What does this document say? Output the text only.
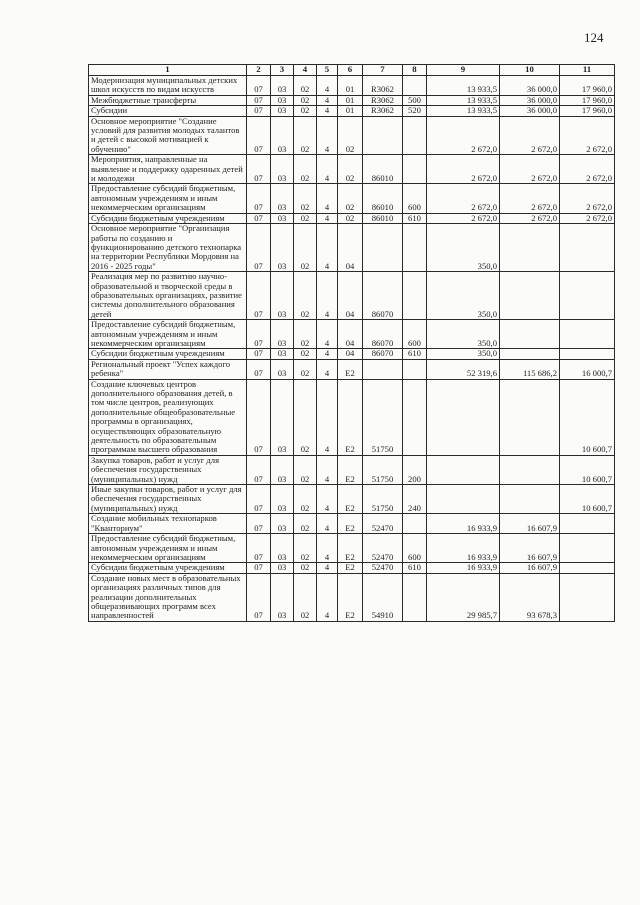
124
1	2	3	4	5	6	7	8	9	10	11
Модернизация муниципальных детских школ искусств по видам искусств	07	03	02	4	01	R3062		13 933,5	36 000,0	17 960,0
Межбюджетные трансферты	07	03	02	4	01	R3062	500	13 933,5	36 000,0	17 960,0
Субсидии	07	03	02	4	01	R3062	520	13 933,5	36 000,0	17 960,0
Основное мероприятие "Создание условий для развития молодых талантов и детей с высокой мотивацией к обучению"	07	03	02	4	02			2 672,0	2 672,0	2 672,0
Мероприятия, направленные на выявление и поддержку одаренных детей и молодежи	07	03	02	4	02	86010		2 672,0	2 672,0	2 672,0
Предоставление субсидий бюджетным, автономным учреждениям и иным некоммерческим организациям	07	03	02	4	02	86010	600	2 672,0	2 672,0	2 672,0
Субсидии бюджетным учреждениям	07	03	02	4	02	86010	610	2 672,0	2 672,0	2 672,0
Основное мероприятие "Организация работы по созданию и функционированию детского технопарка на территории Республики Мордовия на 2016 - 2025 годы"	07	03	02	4	04			350,0		
Реализация мер по развитию научно-образовательной и творческой среды в образовательных организациях, развитие системы дополнительного образования детей	07	03	02	4	04	86070		350,0		
Предоставление субсидий бюджетным, автономным учреждениям и иным некоммерческим организациям	07	03	02	4	04	86070	600	350,0		
Субсидии бюджетным учреждениям	07	03	02	4	04	86070	610	350,0		
Региональный проект "Успех каждого ребенка"	07	03	02	4	E2			52 319,6	115 686,2	16 000,7
Создание ключевых центров дополнительного образования детей, в том числе центров, реализующих дополнительные общеобразовательные программы в организациях, осуществляющих образовательную деятельность по образовательным программам высшего образования	07	03	02	4	E2	51750				10 600,7
Закупка товаров, работ и услуг для обеспечения государственных (муниципальных) нужд	07	03	02	4	E2	51750	200			10 600,7
Иные закупки товаров, работ и услуг для обеспечения государственных (муниципальных) нужд	07	03	02	4	E2	51750	240			10 600,7
Создание мобильных технопарков "Кванториум"	07	03	02	4	E2	52470		16 933,9	16 607,9	
Предоставление субсидий бюджетным, автономным учреждениям и иным некоммерческим организациям	07	03	02	4	E2	52470	600	16 933,9	16 607,9	
Субсидии бюджетным учреждениям	07	03	02	4	E2	52470	610	16 933,9	16 607,9	
Создание новых мест в образовательных организациях различных типов для реализации дополнительных общеразвивающих программ всех направленностей	07	03	02	4	E2	54910		29 985,7	93 678,3	
